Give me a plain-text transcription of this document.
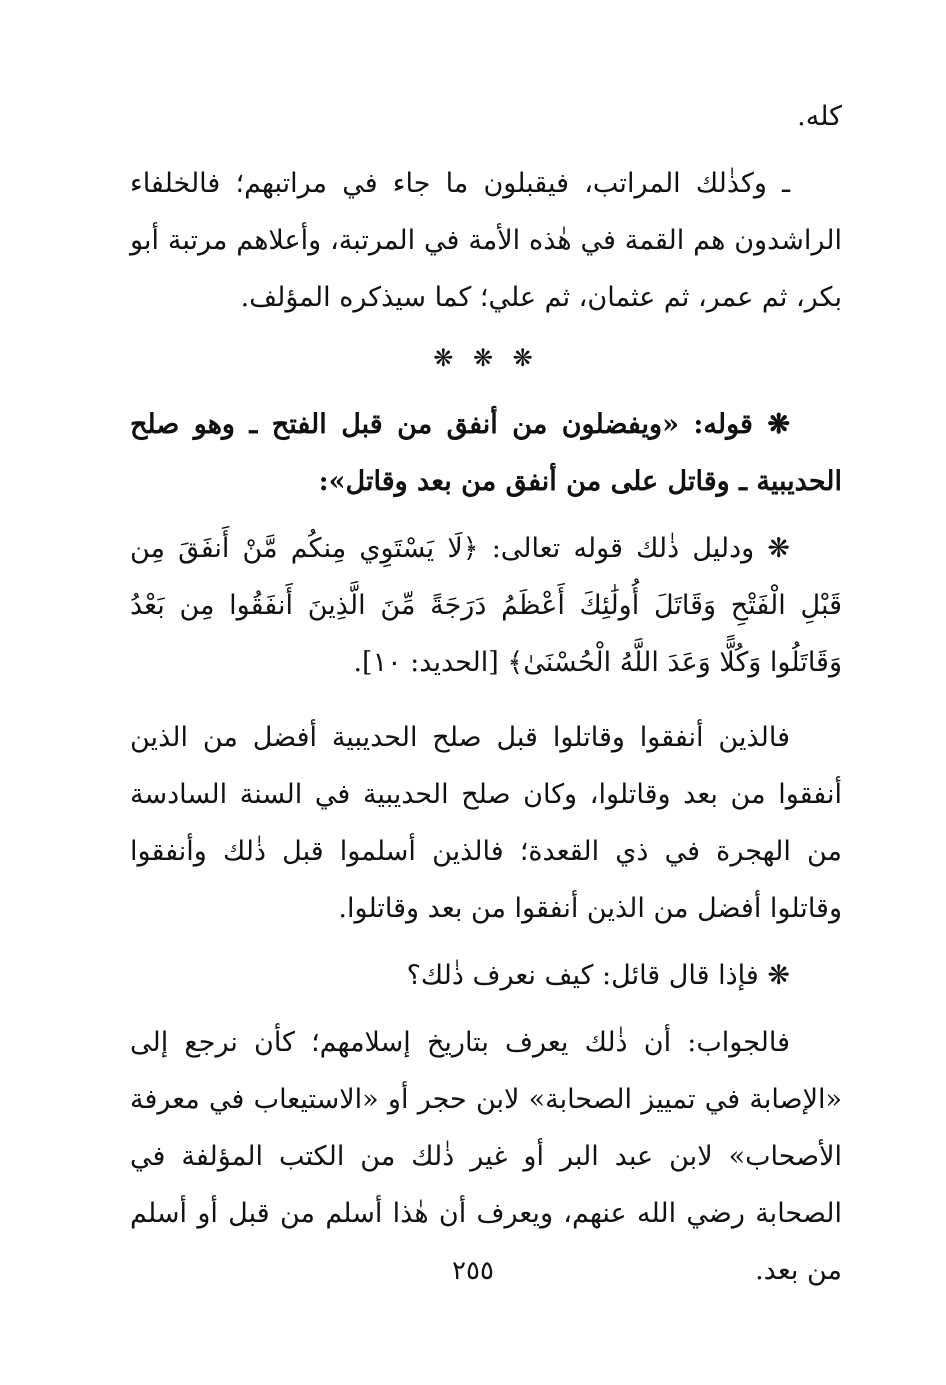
كله.

ـ وكذٰلك المراتب، فيقبلون ما جاء في مراتبهم؛ فالخلفاء الراشدون هم القمة في هٰذه الأمة في المرتبة، وأعلاهم مرتبة أبو بكر، ثم عمر، ثم عثمان، ثم علي؛ كما سيذكره المؤلف.

❋ ❋ ❋

❋ قوله: «ويفضلون من أنفق من قبل الفتح ـ وهو صلح الحديبية ـ وقاتل على من أنفق من بعد وقاتل»:

❋ ودليل ذٰلك قوله تعالى: ﴿لَا يَسْتَوِي مِنكُم مَّنْ أَنفَقَ مِن قَبْلِ الْفَتْحِ وَقَاتَلَ أُولَٰئِكَ أَعْظَمُ دَرَجَةً مِّنَ الَّذِينَ أَنفَقُوا مِن بَعْدُ وَقَاتَلُوا وَكُلًّا وَعَدَ اللَّهُ الْحُسْنَىٰ﴾ [الحديد: ١٠].

فالذين أنفقوا وقاتلوا قبل صلح الحديبية أفضل من الذين أنفقوا من بعد وقاتلوا، وكان صلح الحديبية في السنة السادسة من الهجرة في ذي القعدة؛ فالذين أسلموا قبل ذٰلك وأنفقوا وقاتلوا أفضل من الذين أنفقوا من بعد وقاتلوا.

❋ فإذا قال قائل: كيف نعرف ذٰلك؟

فالجواب: أن ذٰلك يعرف بتاريخ إسلامهم؛ كأن نرجع إلى «الإصابة في تمييز الصحابة» لابن حجر أو «الاستيعاب في معرفة الأصحاب» لابن عبد البر أو غير ذٰلك من الكتب المؤلفة في الصحابة رضي الله عنهم، ويعرف أن هٰذا أسلم من قبل أو أسلم من بعد.

٢٥٥
